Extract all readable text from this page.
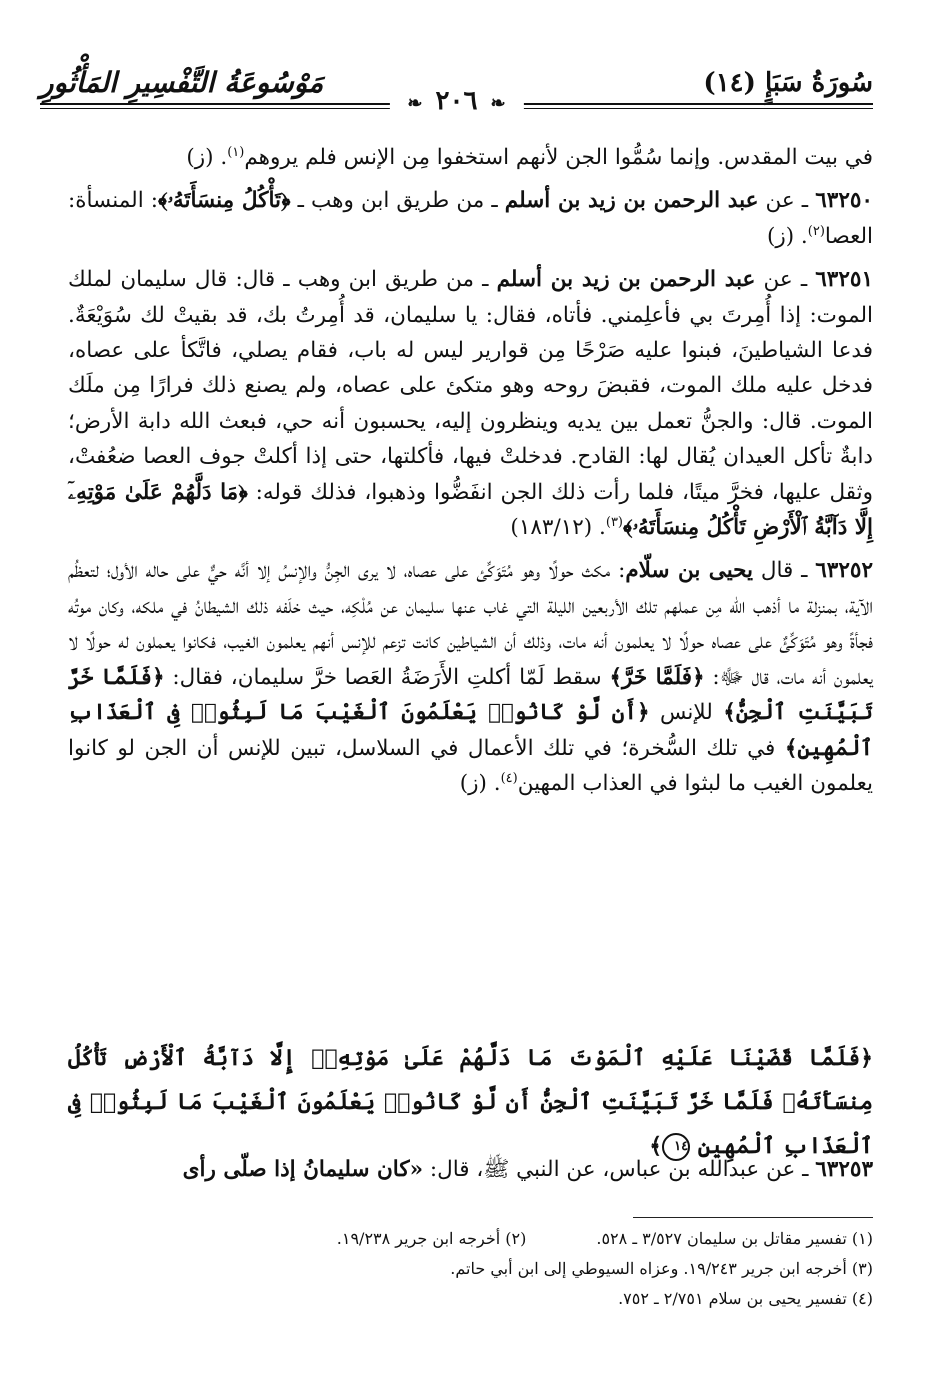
سُورَةُ سَبَإٍ (١٤)
مَوْسُوعَةُ التَّفْسِيرِ المَأْثُورِ
❧ ٢٠٦ ❧

في بيت المقدس. وإنما سُمُّوا الجن لأنهم استخفوا مِن الإنس فلم يروهم$^{(١)}$. (ز)

٦٣٢٥٠ ـ عن عبد الرحمن بن زيد بن أسلم ـ من طريق ابن وهب ـ ﴿تَأْكُلُ مِنسَأَتَهُۥ﴾: المنسأة: العصا$^{(٢)}$. (ز)

٦٣٢٥١ ـ عن عبد الرحمن بن زيد بن أسلم ـ من طريق ابن وهب ـ قال: قال سليمان لملك الموت: إذا أُمِرتَ بي فأعلِمني. فأتاه، فقال: يا سليمان، قد أُمِرتُ بك، قد بقيتْ لك سُوَيْعَةٌ. فدعا الشياطينَ، فبنوا عليه صَرْحًا مِن قوارير ليس له باب، فقام يصلي، فاتَّكأ على عصاه، فدخل عليه ملك الموت، فقبضَ روحه وهو متكئ على عصاه، ولم يصنع ذلك فرارًا مِن ملَك الموت. قال: والجنُّ تعمل بين يديه وينظرون إليه، يحسبون أنه حي، فبعث الله دابة الأرض؛ دابةٌ تأكل العيدان يُقال لها: القادح. فدخلتْ فيها، فأكلتها، حتى إذا أكلتْ جوف العصا ضعُفتْ، وثقل عليها، فخرَّ ميتًا، فلما رأت ذلك الجن انفَضُّوا وذهبوا، فذلك قوله: ﴿مَا دَلَّهُمْ عَلَىٰ مَوْتِهِۦٓ إِلَّا دَآبَّةُ ٱلْأَرْضِ تَأْكُلُ مِنسَأَتَهُۥ﴾$^{(٣)}$. (١٨٣/١٢)

٦٣٢٥٢ ـ قال يحيى بن سلّام: مكث حولًا وهو مُتَوَكِّئ على عصاه، لا يرى الجِنُّ والإنسُ إلا أنَّه حيٌّ على حاله الأول؛ لتعظُم الآية، بمنزلة ما أذهب الله مِن عملهم تلك الأربعين الليلة التي غاب عنها سليمان عن مُلْكِه، حيث خلَفه ذلك الشيطانُ في ملكه، وكان موتُه فجأةً وهو مُتَوَكِّئٌ على عصاه حولًا لا يعلمون أنه مات، وذلك أن الشياطين كانت تزعم للإنس أنهم يعلمون الغيب، فكانوا يعملون له حولًا لا يعلمون أنه مات، قال ﷻ: ﴿فَلَمَّا خَرَّ﴾ سقط لَمّا أكلتِ الأَرَضَةُ العَصا خرَّ سليمان، فقال: ﴿فَلَمَّا خَرَّ تَبَيَّنَتِ ٱلْجِنُّ﴾ للإنس ﴿أَن لَّوْ كَانُوا۟ يَعْلَمُونَ ٱلْغَيْبَ مَا لَبِثُوا۟ فِى ٱلْعَذَابِ ٱلْمُهِينِ﴾ في تلك السُّخرة؛ في تلك الأعمال في السلاسل، تبين للإنس أن الجن لو كانوا يعلمون الغيب ما لبثوا في العذاب المهين$^{(٤)}$. (ز)

﴿فَلَمَّا قَضَيْنَا عَلَيْهِ ٱلْمَوْتَ مَا دَلَّهُمْ عَلَىٰ مَوْتِهِۦٓ إِلَّا دَآبَّةُ ٱلْأَرْضِ تَأْكُلُ مِنسَأَتَهُۥ فَلَمَّا خَرَّ تَبَيَّنَتِ ٱلْجِنُّ أَن لَّوْ كَانُوا۟ يَعْلَمُونَ ٱلْغَيْبَ مَا لَبِثُوا۟ فِى ٱلْعَذَابِ ٱلْمُهِينِ ١٤﴾
٦٣٢٥٣ ـ عن عبدالله بن عباس، عن النبي ﷺ، قال: «كان سليمانُ إذا صلّى رأى
(١) تفسير مقاتل بن سليمان ٣/٥٢٧ ـ ٥٢٨.(٢) أخرجه ابن جرير ١٩/٢٣٨.
(٣) أخرجه ابن جرير ١٩/٢٤٣. وعزاه السيوطي إلى ابن أبي حاتم.
(٤) تفسير يحيى بن سلام ٢/٧٥١ ـ ٧٥٢.
